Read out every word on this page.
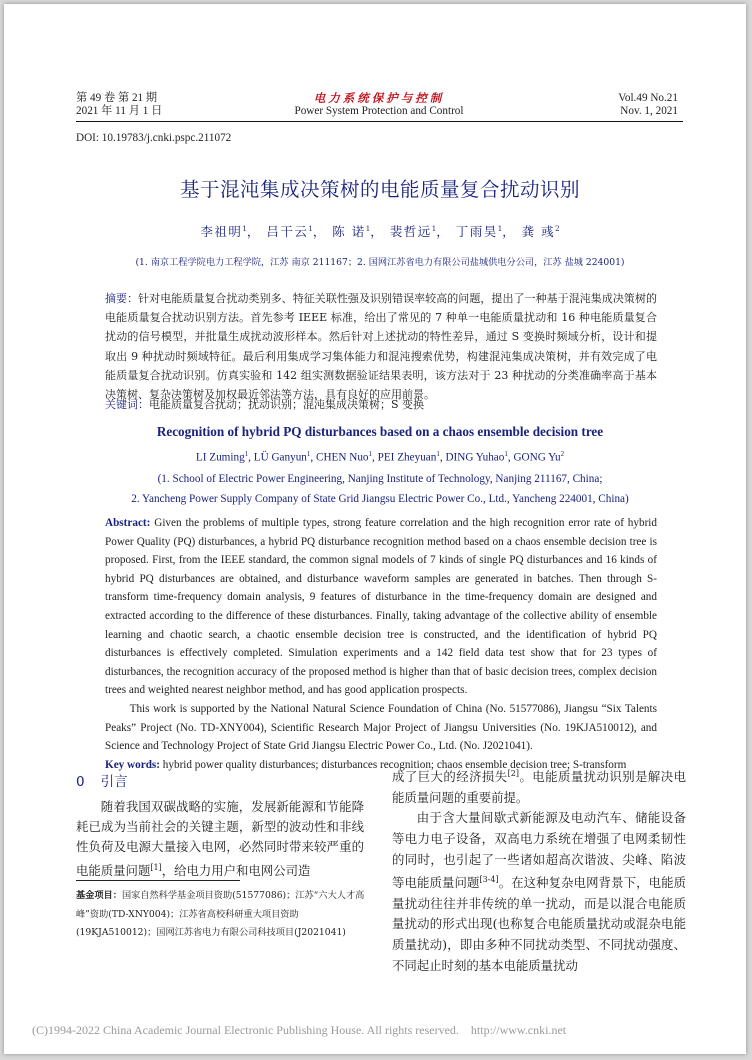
第 49 卷 第 21 期
2021 年 11 月 1 日
电力系统保护与控制
Power System Protection and Control
Vol.49 No.21
Nov. 1, 2021
DOI: 10.19783/j.cnki.pspc.211072
基于混沌集成决策树的电能质量复合扰动识别
李祖明$^1$， 吕干云$^1$， 陈 诺$^1$， 裴哲远$^1$， 丁雨昊$^1$， 龚 彧$^2$
(1. 南京工程学院电力工程学院，江苏 南京 211167；2. 国网江苏省电力有限公司盐城供电分公司，江苏 盐城 224001)
摘要：针对电能质量复合扰动类别多、特征关联性强及识别错误率较高的问题，提出了一种基于混沌集成决策树的电能质量复合扰动识别方法。首先参考 IEEE 标准，给出了常见的 7 种单一电能质量扰动和 16 种电能质量复合扰动的信号模型，并批量生成扰动波形样本。然后针对上述扰动的特性差异，通过 S 变换时频域分析，设计和提取出 9 种扰动时频域特征。最后利用集成学习集体能力和混沌搜索优势，构建混沌集成决策树，并有效完成了电能质量复合扰动识别。仿真实验和 142 组实测数据验证结果表明，该方法对于 23 种扰动的分类准确率高于基本决策树、复杂决策树及加权最近邻法等方法，具有良好的应用前景。
关键词：电能质量复合扰动；扰动识别；混沌集成决策树；S 变换
Recognition of hybrid PQ disturbances based on a chaos ensemble decision tree
LI Zuming$^1$, LÜ Ganyun$^1$, CHEN Nuo$^1$, PEI Zheyuan$^1$, DING Yuhao$^1$, GONG Yu$^2$
(1. School of Electric Power Engineering, Nanjing Institute of Technology, Nanjing 211167, China;
2. Yancheng Power Supply Company of State Grid Jiangsu Electric Power Co., Ltd., Yancheng 224001, China)
Abstract: Given the problems of multiple types, strong feature correlation and the high recognition error rate of hybrid Power Quality (PQ) disturbances, a hybrid PQ disturbance recognition method based on a chaos ensemble decision tree is proposed. First, from the IEEE standard, the common signal models of 7 kinds of single PQ disturbances and 16 kinds of hybrid PQ disturbances are obtained, and disturbance waveform samples are generated in batches. Then through S-transform time-frequency domain analysis, 9 features of disturbance in the time-frequency domain are designed and extracted according to the difference of these disturbances. Finally, taking advantage of the collective ability of ensemble learning and chaotic search, a chaotic ensemble decision tree is constructed, and the identification of hybrid PQ disturbances is effectively completed. Simulation experiments and a 142 field data test show that for 23 types of disturbances, the recognition accuracy of the proposed method is higher than that of basic decision trees, complex decision trees and weighted nearest neighbor method, and has good application prospects.
This work is supported by the National Natural Science Foundation of China (No. 51577086), Jiangsu “Six Talents Peaks” Project (No. TD-XNY004), Scientific Research Major Project of Jiangsu Universities (No. 19KJA510012), and Science and Technology Project of State Grid Jiangsu Electric Power Co., Ltd. (No. J2021041).
Key words: hybrid power quality disturbances; disturbances recognition; chaos ensemble decision tree; S-transform
0 引言
随着我国双碳战略的实施，发展新能源和节能降耗已成为当前社会的关键主题，新型的波动性和非线性负荷及电源大量接入电网，必然同时带来较严重的电能质量问题[1]，给电力用户和电网公司造
基金项目：国家自然科学基金项目资助(51577086)；江苏“六大人才高峰”资助(TD-XNY004)；江苏省高校科研重大项目资助(19KJA510012)；国网江苏省电力有限公司科技项目(J2021041)
成了巨大的经济损失[2]。电能质量扰动识别是解决电能质量问题的重要前提。
由于含大量间歇式新能源及电动汽车、储能设备等电力电子设备，双高电力系统在增强了电网柔韧性的同时，也引起了一些诸如超高次谐波、尖峰、陷波等电能质量问题[3-4]。在这种复杂电网背景下，电能质量扰动往往并非传统的单一扰动，而是以混合电能质量扰动的形式出现(也称复合电能质量扰动或混杂电能质量扰动)，即由多种不同扰动类型、不同扰动强度、不同起止时刻的基本电能质量扰动
(C)1994-2022 China Academic Journal Electronic Publishing House. All rights reserved. http://www.cnki.net
